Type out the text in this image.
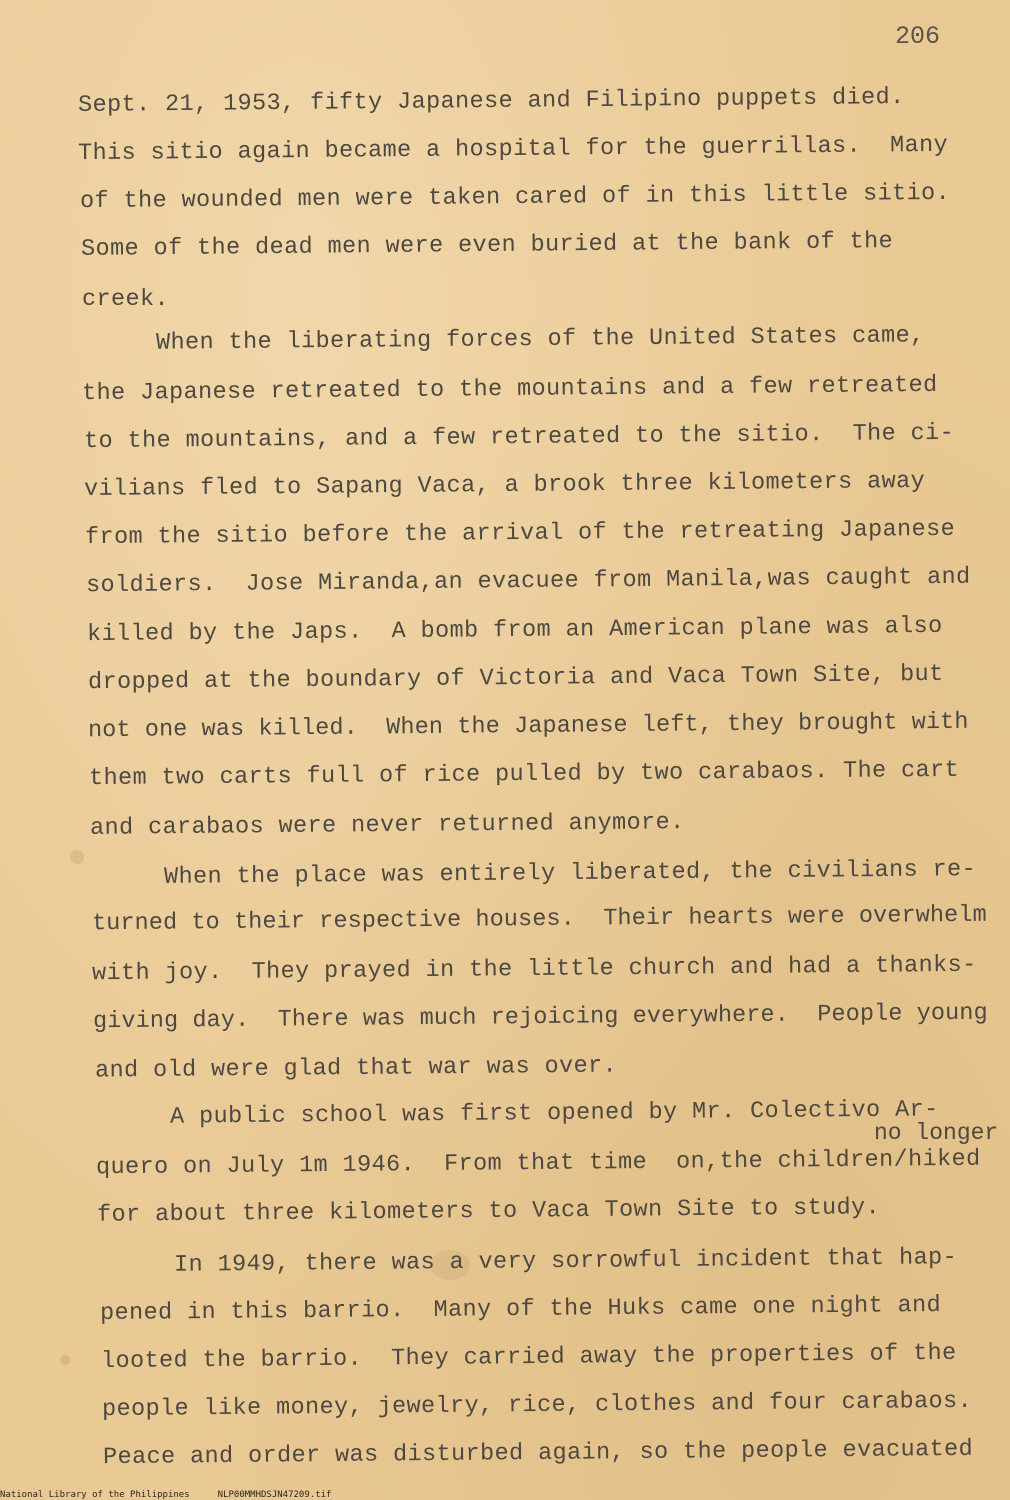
206
Sept. 21, 1953, fifty Japanese and Filipino puppets died.
This sitio again became a hospital for the guerrillas.  Many
of the wounded men were taken cared of in this little sitio.
Some of the dead men were even buried at the bank of the
creek.
When the liberating forces of the United States came,
the Japanese retreated to the mountains and a few retreated
to the mountains, and a few retreated to the sitio.  The ci-
vilians fled to Sapang Vaca, a brook three kilometers away
from the sitio before the arrival of the retreating Japanese
soldiers.  Jose Miranda,an evacuee from Manila,was caught and
killed by the Japs.  A bomb from an American plane was also
dropped at the boundary of Victoria and Vaca Town Site, but
not one was killed.  When the Japanese left, they brought with
them two carts full of rice pulled by two carabaos. The cart
and carabaos were never returned anymore.
When the place was entirely liberated, the civilians re-
turned to their respective houses.  Their hearts were overwhelm
with joy.  They prayed in the little church and had a thanks-
giving day.  There was much rejoicing everywhere.  People young
and old were glad that war was over.
A public school was first opened by Mr. Colectivo Ar-
no longer
quero on July 1m 1946.  From that time  on,the children/hiked
for about three kilometers to Vaca Town Site to study.
In 1949, there was a very sorrowful incident that hap-
pened in this barrio.  Many of the Huks came one night and
looted the barrio.  They carried away the properties of the
people like money, jewelry, rice, clothes and four carabaos.
Peace and order was disturbed again, so the people evacuated
National Library of the Philippines	NLP00MMHDSJN47209.tif
